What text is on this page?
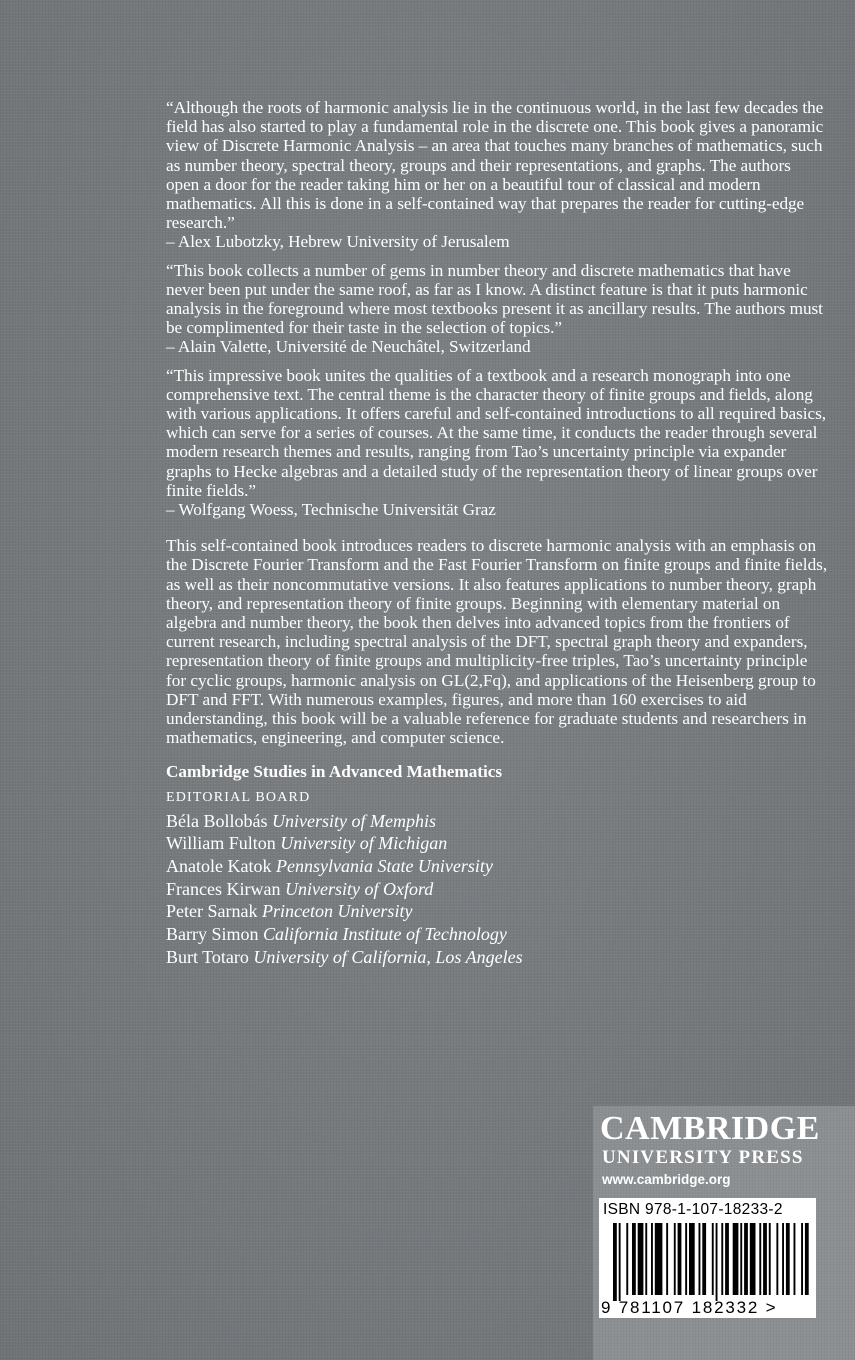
“Although the roots of harmonic analysis lie in the continuous world, in the last few decades the field has also started to play a fundamental role in the discrete one. This book gives a panoramic view of Discrete Harmonic Analysis – an area that touches many branches of mathematics, such as number theory, spectral theory, groups and their representations, and graphs. The authors open a door for the reader taking him or her on a beautiful tour of classical and modern mathematics. All this is done in a self-contained way that prepares the reader for cutting-edge research.”

– Alex Lubotzky, Hebrew University of Jerusalem

“This book collects a number of gems in number theory and discrete mathematics that have never been put under the same roof, as far as I know. A distinct feature is that it puts harmonic analysis in the foreground where most textbooks present it as ancillary results. The authors must be complimented for their taste in the selection of topics.”

– Alain Valette, Université de Neuchâtel, Switzerland

“This impressive book unites the qualities of a textbook and a research monograph into one comprehensive text. The central theme is the character theory of finite groups and fields, along with various applications. It offers careful and self-contained introductions to all required basics, which can serve for a series of courses. At the same time, it conducts the reader through several modern research themes and results, ranging from Tao’s uncertainty principle via expander graphs to Hecke algebras and a detailed study of the representation theory of linear groups over finite fields.”

– Wolfgang Woess, Technische Universität Graz

This self-contained book introduces readers to discrete harmonic analysis with an emphasis on the Discrete Fourier Transform and the Fast Fourier Transform on finite groups and finite fields, as well as their noncommutative versions. It also features applications to number theory, graph theory, and representation theory of finite groups. Beginning with elementary material on algebra and number theory, the book then delves into advanced topics from the frontiers of current research, including spectral analysis of the DFT, spectral graph theory and expanders, representation theory of finite groups and multiplicity-free triples, Tao’s uncertainty principle for cyclic groups, harmonic analysis on GL(2,Fq), and applications of the Heisenberg group to DFT and FFT. With numerous examples, figures, and more than 160 exercises to aid understanding, this book will be a valuable reference for graduate students and researchers in mathematics, engineering, and computer science.

Cambridge Studies in Advanced Mathematics
EDITORIAL BOARD
Béla Bollobás University of Memphis
William Fulton University of Michigan
Anatole Katok Pennsylvania State University
Frances Kirwan University of Oxford
Peter Sarnak Princeton University
Barry Simon California Institute of Technology
Burt Totaro University of California, Los Angeles
CAMBRIDGE
UNIVERSITY PRESS
www.cambridge.org
ISBN 978-1-107-18233-2
9 781107 182332 >
